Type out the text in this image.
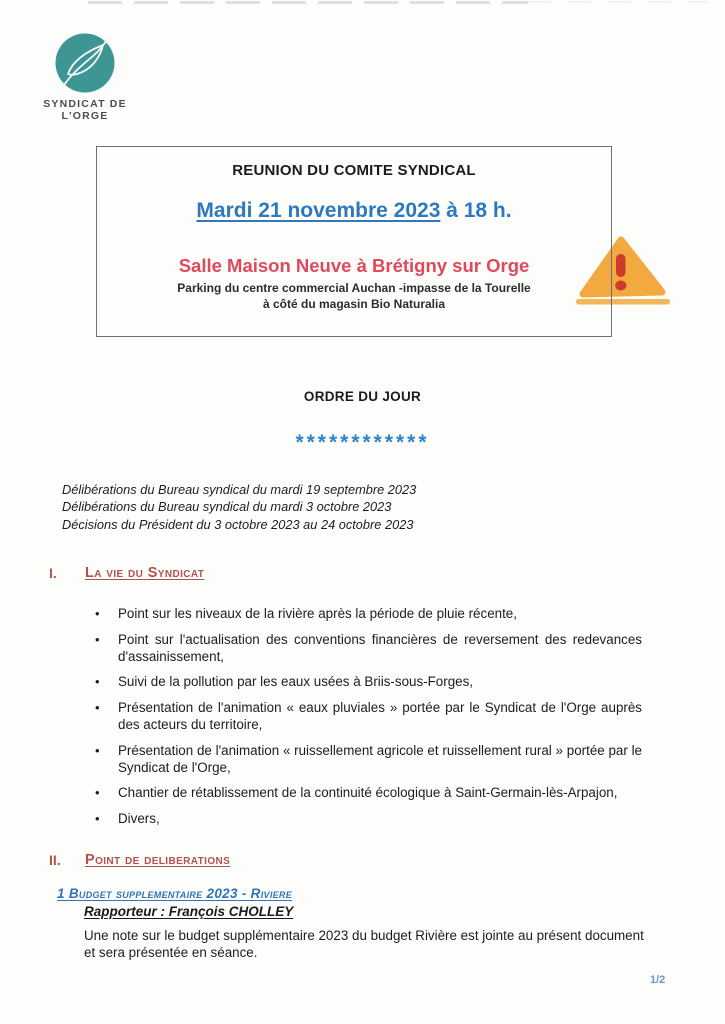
SYNDICAT DE L'ORGE
REUNION DU COMITE SYNDICAL
Mardi 21 novembre 2023 à 18 h.
Salle Maison Neuve à Brétigny sur Orge
Parking du centre commercial Auchan -impasse de la Tourelle
à côté du magasin Bio Naturalia
ORDRE DU JOUR
************
Délibérations du Bureau syndical du mardi 19 septembre 2023
Délibérations du Bureau syndical du mardi 3 octobre 2023
Décisions du Président du 3 octobre 2023 au 24 octobre 2023
I.	La vie du Syndicat
•
Point sur les niveaux de la rivière après la période de pluie récente,
•
Point sur l'actualisation des conventions financières de reversement des redevances d'assainissement,
•
Suivi de la pollution par les eaux usées à Briis-sous-Forges,
•
Présentation de l'animation « eaux pluviales » portée par le Syndicat de l'Orge auprès des acteurs du territoire,
•
Présentation de l'animation « ruissellement agricole et ruissellement rural » portée par le Syndicat de l'Orge,
•
Chantier de rétablissement de la continuité écologique à Saint-Germain-lès-Arpajon,
•
Divers,
II.	Point de deliberations
1 Budget supplementaire 2023 - Riviere
Rapporteur : François CHOLLEY
Une note sur le budget supplémentaire 2023 du budget Rivière est jointe au présent document et sera présentée en séance.
1/2
